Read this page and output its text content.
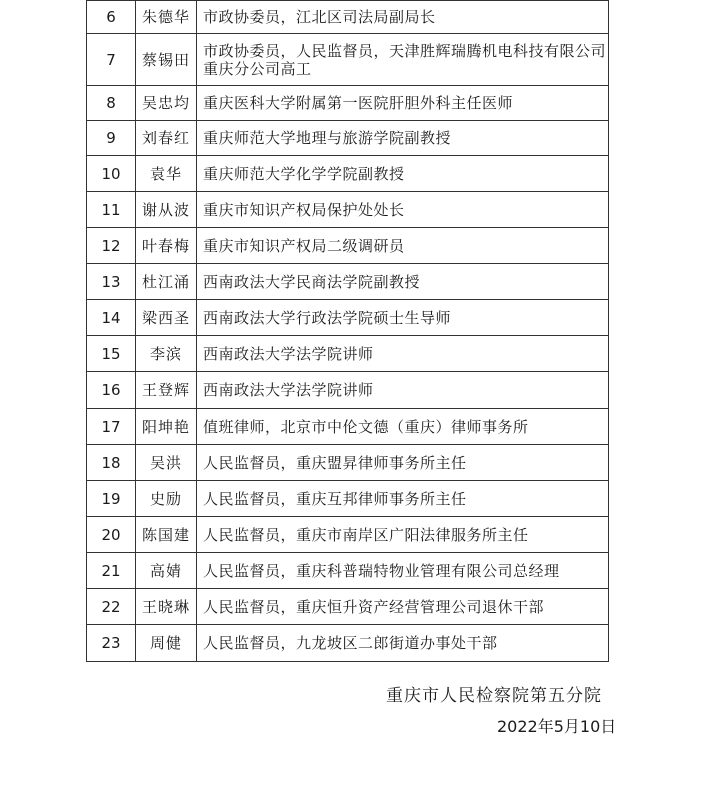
6	朱德华	市政协委员，江北区司法局副局长
7	蔡锡田	市政协委员，人民监督员，天津胜辉瑞腾机电科技有限公司重庆分公司高工
8	吴忠均	重庆医科大学附属第一医院肝胆外科主任医师
9	刘春红	重庆师范大学地理与旅游学院副教授
10	袁华	重庆师范大学化学学院副教授
11	谢从波	重庆市知识产权局保护处处长
12	叶春梅	重庆市知识产权局二级调研员
13	杜江涌	西南政法大学民商法学院副教授
14	梁西圣	西南政法大学行政法学院硕士生导师
15	李滨	西南政法大学法学院讲师
16	王登辉	西南政法大学法学院讲师
17	阳坤艳	值班律师，北京市中伦文德（重庆）律师事务所
18	吴洪	人民监督员，重庆盟昇律师事务所主任
19	史励	人民监督员，重庆互邦律师事务所主任
20	陈国建	人民监督员，重庆市南岸区广阳法律服务所主任
21	高婧	人民监督员，重庆科普瑞特物业管理有限公司总经理
22	王晓琳	人民监督员，重庆恒升资产经营管理公司退休干部
23	周健	人民监督员，九龙坡区二郎街道办事处干部
重庆市人民检察院第五分院
2022年5月10日
